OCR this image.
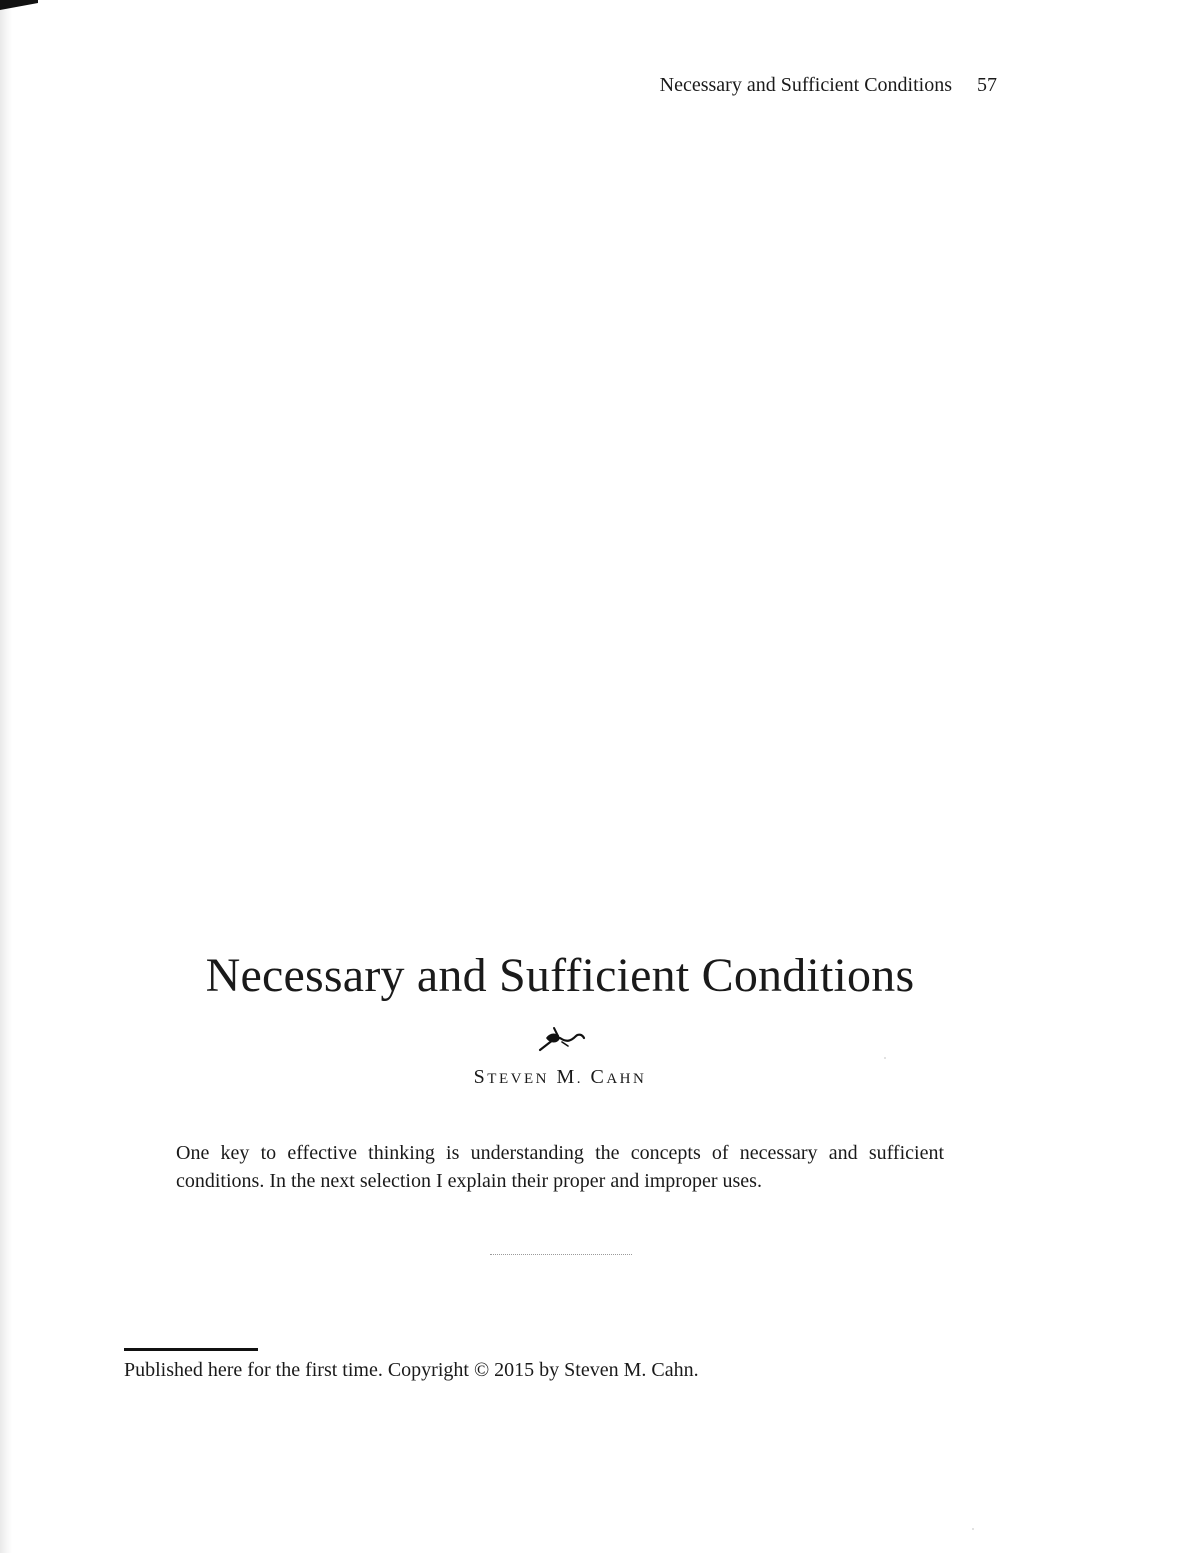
Necessary and Sufficient Conditions 57
Necessary and Sufficient Conditions
STEVEN M. CAHN

One key to effective thinking is understanding the concepts of necessary and sufficient conditions. In the next selection I explain their proper and improper uses.

Published here for the first time. Copyright © 2015 by Steven M. Cahn.
